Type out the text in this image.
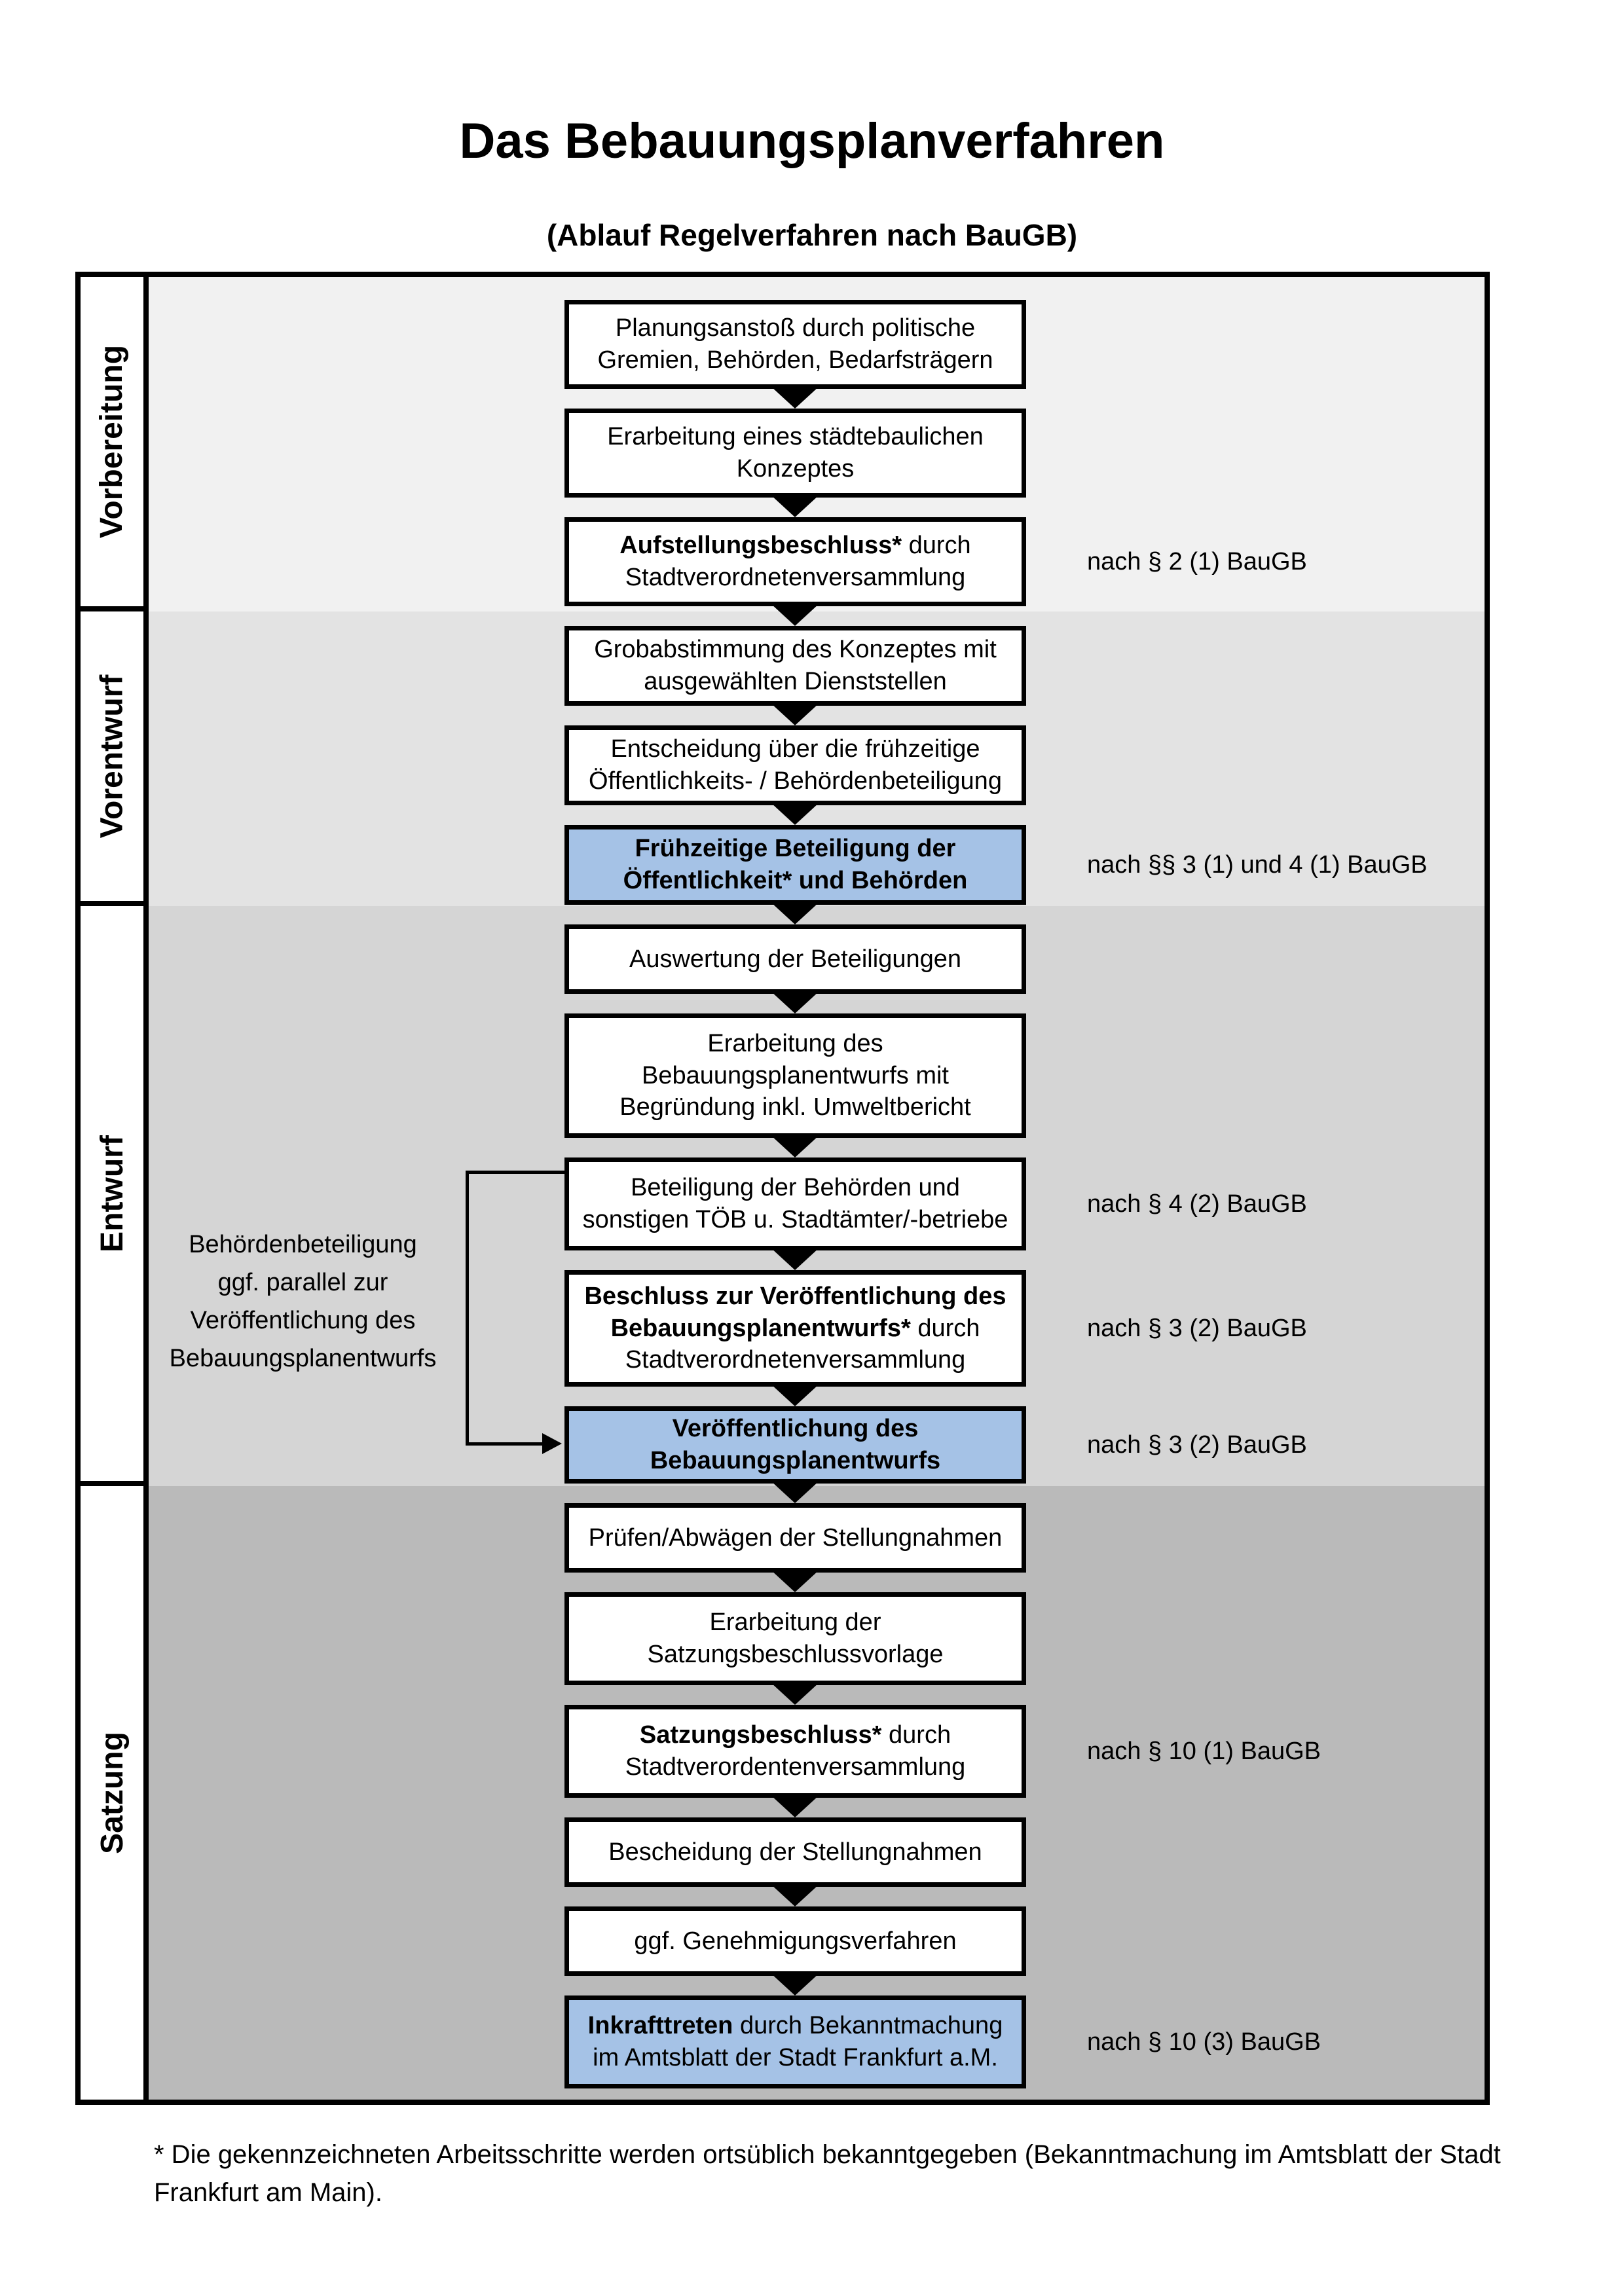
Das Bebauungsplanverfahren
(Ablauf Regelverfahren nach BauGB)
Vorbereitung
Vorentwurf
Entwurf
Satzung
Planungsanstoß durch politische
Gremien, Behörden, Bedarfsträgern
Erarbeitung eines städtebaulichen
Konzeptes
Aufstellungsbeschluss* durch
Stadtverordnetenversammlung
nach § 2 (1) BauGB
Grobabstimmung des Konzeptes mit
ausgewählten Dienststellen
Entscheidung über die frühzeitige
Öffentlichkeits- / Behördenbeteiligung
Frühzeitige Beteiligung der
Öffentlichkeit* und Behörden
nach §§ 3 (1) und 4 (1) BauGB
Auswertung der Beteiligungen
Erarbeitung des
Bebauungsplanentwurfs mit
Begründung inkl. Umweltbericht
Beteiligung der Behörden und
sonstigen TÖB u. Stadtämter/-betriebe
nach § 4 (2) BauGB
Beschluss zur Veröffentlichung des
Bebauungsplanentwurfs* durch
Stadtverordnetenversammlung
nach § 3 (2) BauGB
Veröffentlichung des
Bebauungsplanentwurfs
nach § 3 (2) BauGB
Prüfen/Abwägen der Stellungnahmen
Erarbeitung der
Satzungsbeschlussvorlage
Satzungsbeschluss* durch
Stadtverordentenversammlung
nach § 10 (1) BauGB
Bescheidung der Stellungnahmen
ggf. Genehmigungsverfahren
Inkrafttreten durch Bekanntmachung
im Amtsblatt der Stadt Frankfurt a.M.
nach § 10 (3) BauGB
Behördenbeteiligung
ggf. parallel zur
Veröffentlichung des
Bebauungsplanentwurfs
* Die gekennzeichneten Arbeitsschritte werden ortsüblich bekanntgegeben (Bekanntmachung im Amtsblatt der Stadt
Frankfurt am Main).
